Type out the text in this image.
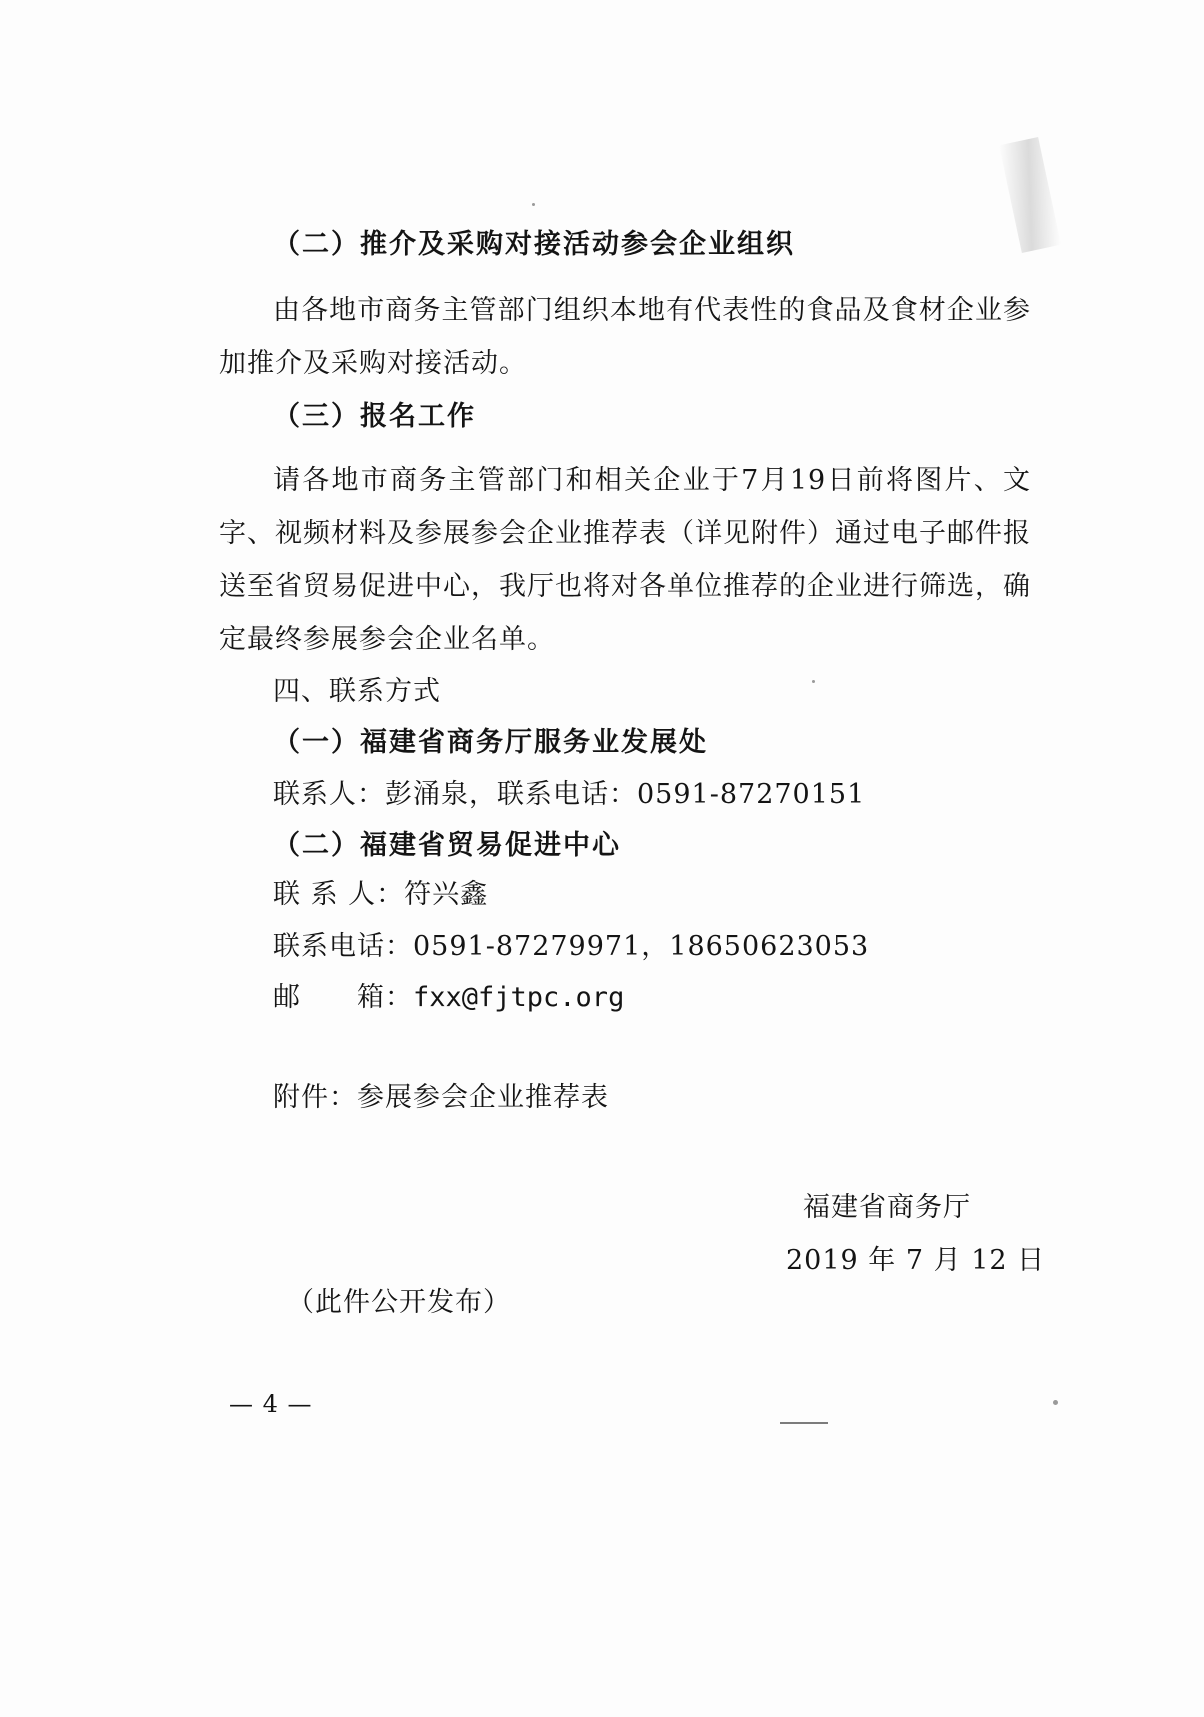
（二）推介及采购对接活动参会企业组织
由各地市商务主管部门组织本地有代表性的食品及食材企业参加推介及采购对接活动。
（三）报名工作
请各地市商务主管部门和相关企业于7月19日前将图片、文字、视频材料及参展参会企业推荐表（详见附件）通过电子邮件报送至省贸易促进中心，我厅也将对各单位推荐的企业进行筛选，确定最终参展参会企业名单。
四、联系方式
（一）福建省商务厅服务业发展处
联系人：彭涌泉，联系电话：0591-87270151
（二）福建省贸易促进中心
联 系 人：符兴鑫
联系电话：0591-87279971，18650623053
邮　　箱：fxx@fjtpc.org
附件：参展参会企业推荐表
福建省商务厅
2019 年 7 月 12 日
（此件公开发布）
— 4 —
